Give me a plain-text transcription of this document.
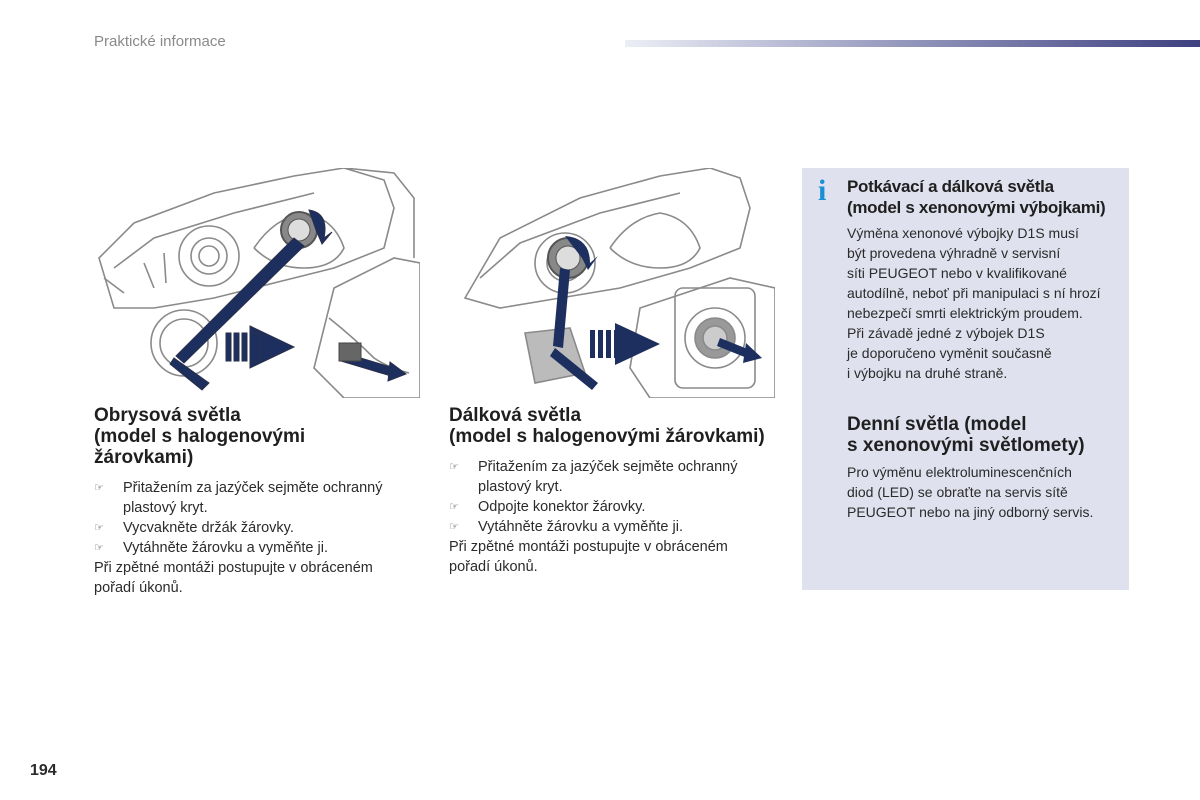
Praktické informace
Obrysová světla
(model s halogenovými
žárovkami)
☞ Přitažením za jazýček sejměte ochranný plastový kryt.
☞ Vycvakněte držák žárovky.
☞ Vytáhněte žárovku a vyměňte ji.

Při zpětné montáži postupujte v obráceném pořadí úkonů.

Dálková světla
(model s halogenovými žárovkami)
☞ Přitažením za jazýček sejměte ochranný plastový kryt.
☞ Odpojte konektor žárovky.
☞ Vytáhněte žárovku a vyměňte ji.

Při zpětné montáži postupujte v obráceném pořadí úkonů.

i Potkávací a dálková světla
(model s xenonovými výbojkami)

Výměna xenonové výbojky D1S musí
být provedena výhradně v servisní
síti PEUGEOT nebo v kvalifikované
autodílně, neboť při manipulaci s ní hrozí
nebezpečí smrti elektrickým proudem.
Při závadě jedné z výbojek D1S
je doporučeno vyměnit současně
i výbojku na druhé straně.

Denní světla (model
s xenonovými světlomety)

Pro výměnu elektroluminescenčních
diod (LED) se obraťte na servis sítě
PEUGEOT nebo na jiný odborný servis.

194
